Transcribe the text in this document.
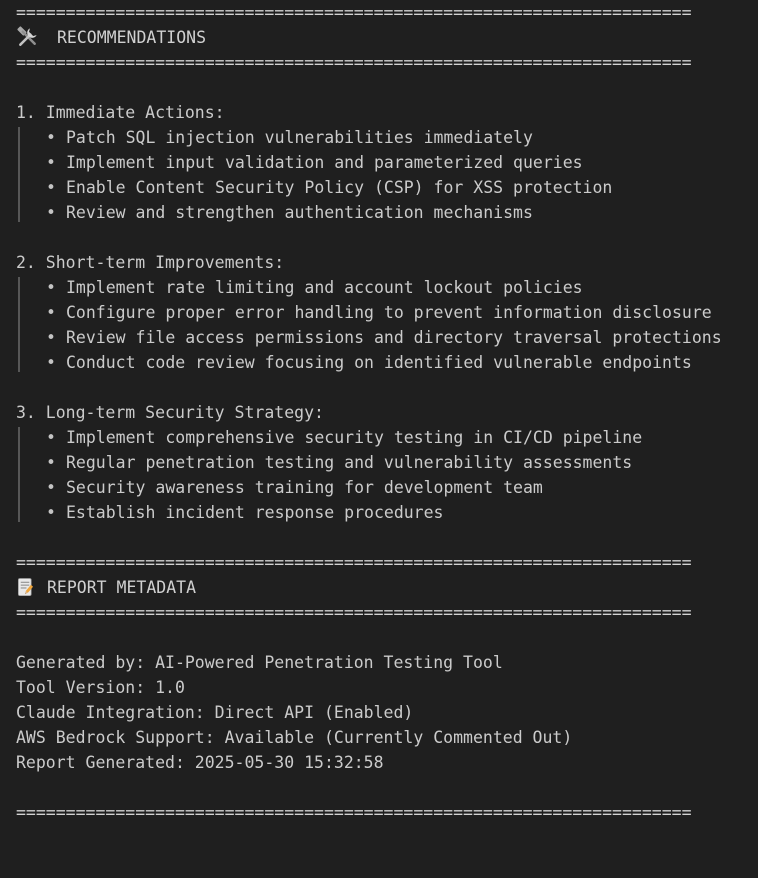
====================================================================
RECOMMENDATIONS
====================================================================
1. Immediate Actions:
• Patch SQL injection vulnerabilities immediately
• Implement input validation and parameterized queries
• Enable Content Security Policy (CSP) for XSS protection
• Review and strengthen authentication mechanisms
2. Short-term Improvements:
• Implement rate limiting and account lockout policies
• Configure proper error handling to prevent information disclosure
• Review file access permissions and directory traversal protections
• Conduct code review focusing on identified vulnerable endpoints
3. Long-term Security Strategy:
• Implement comprehensive security testing in CI/CD pipeline
• Regular penetration testing and vulnerability assessments
• Security awareness training for development team
• Establish incident response procedures
====================================================================
REPORT METADATA
====================================================================
Generated by: AI-Powered Penetration Testing Tool
Tool Version: 1.0
Claude Integration: Direct API (Enabled)
AWS Bedrock Support: Available (Currently Commented Out)
Report Generated: 2025-05-30 15:32:58
====================================================================
